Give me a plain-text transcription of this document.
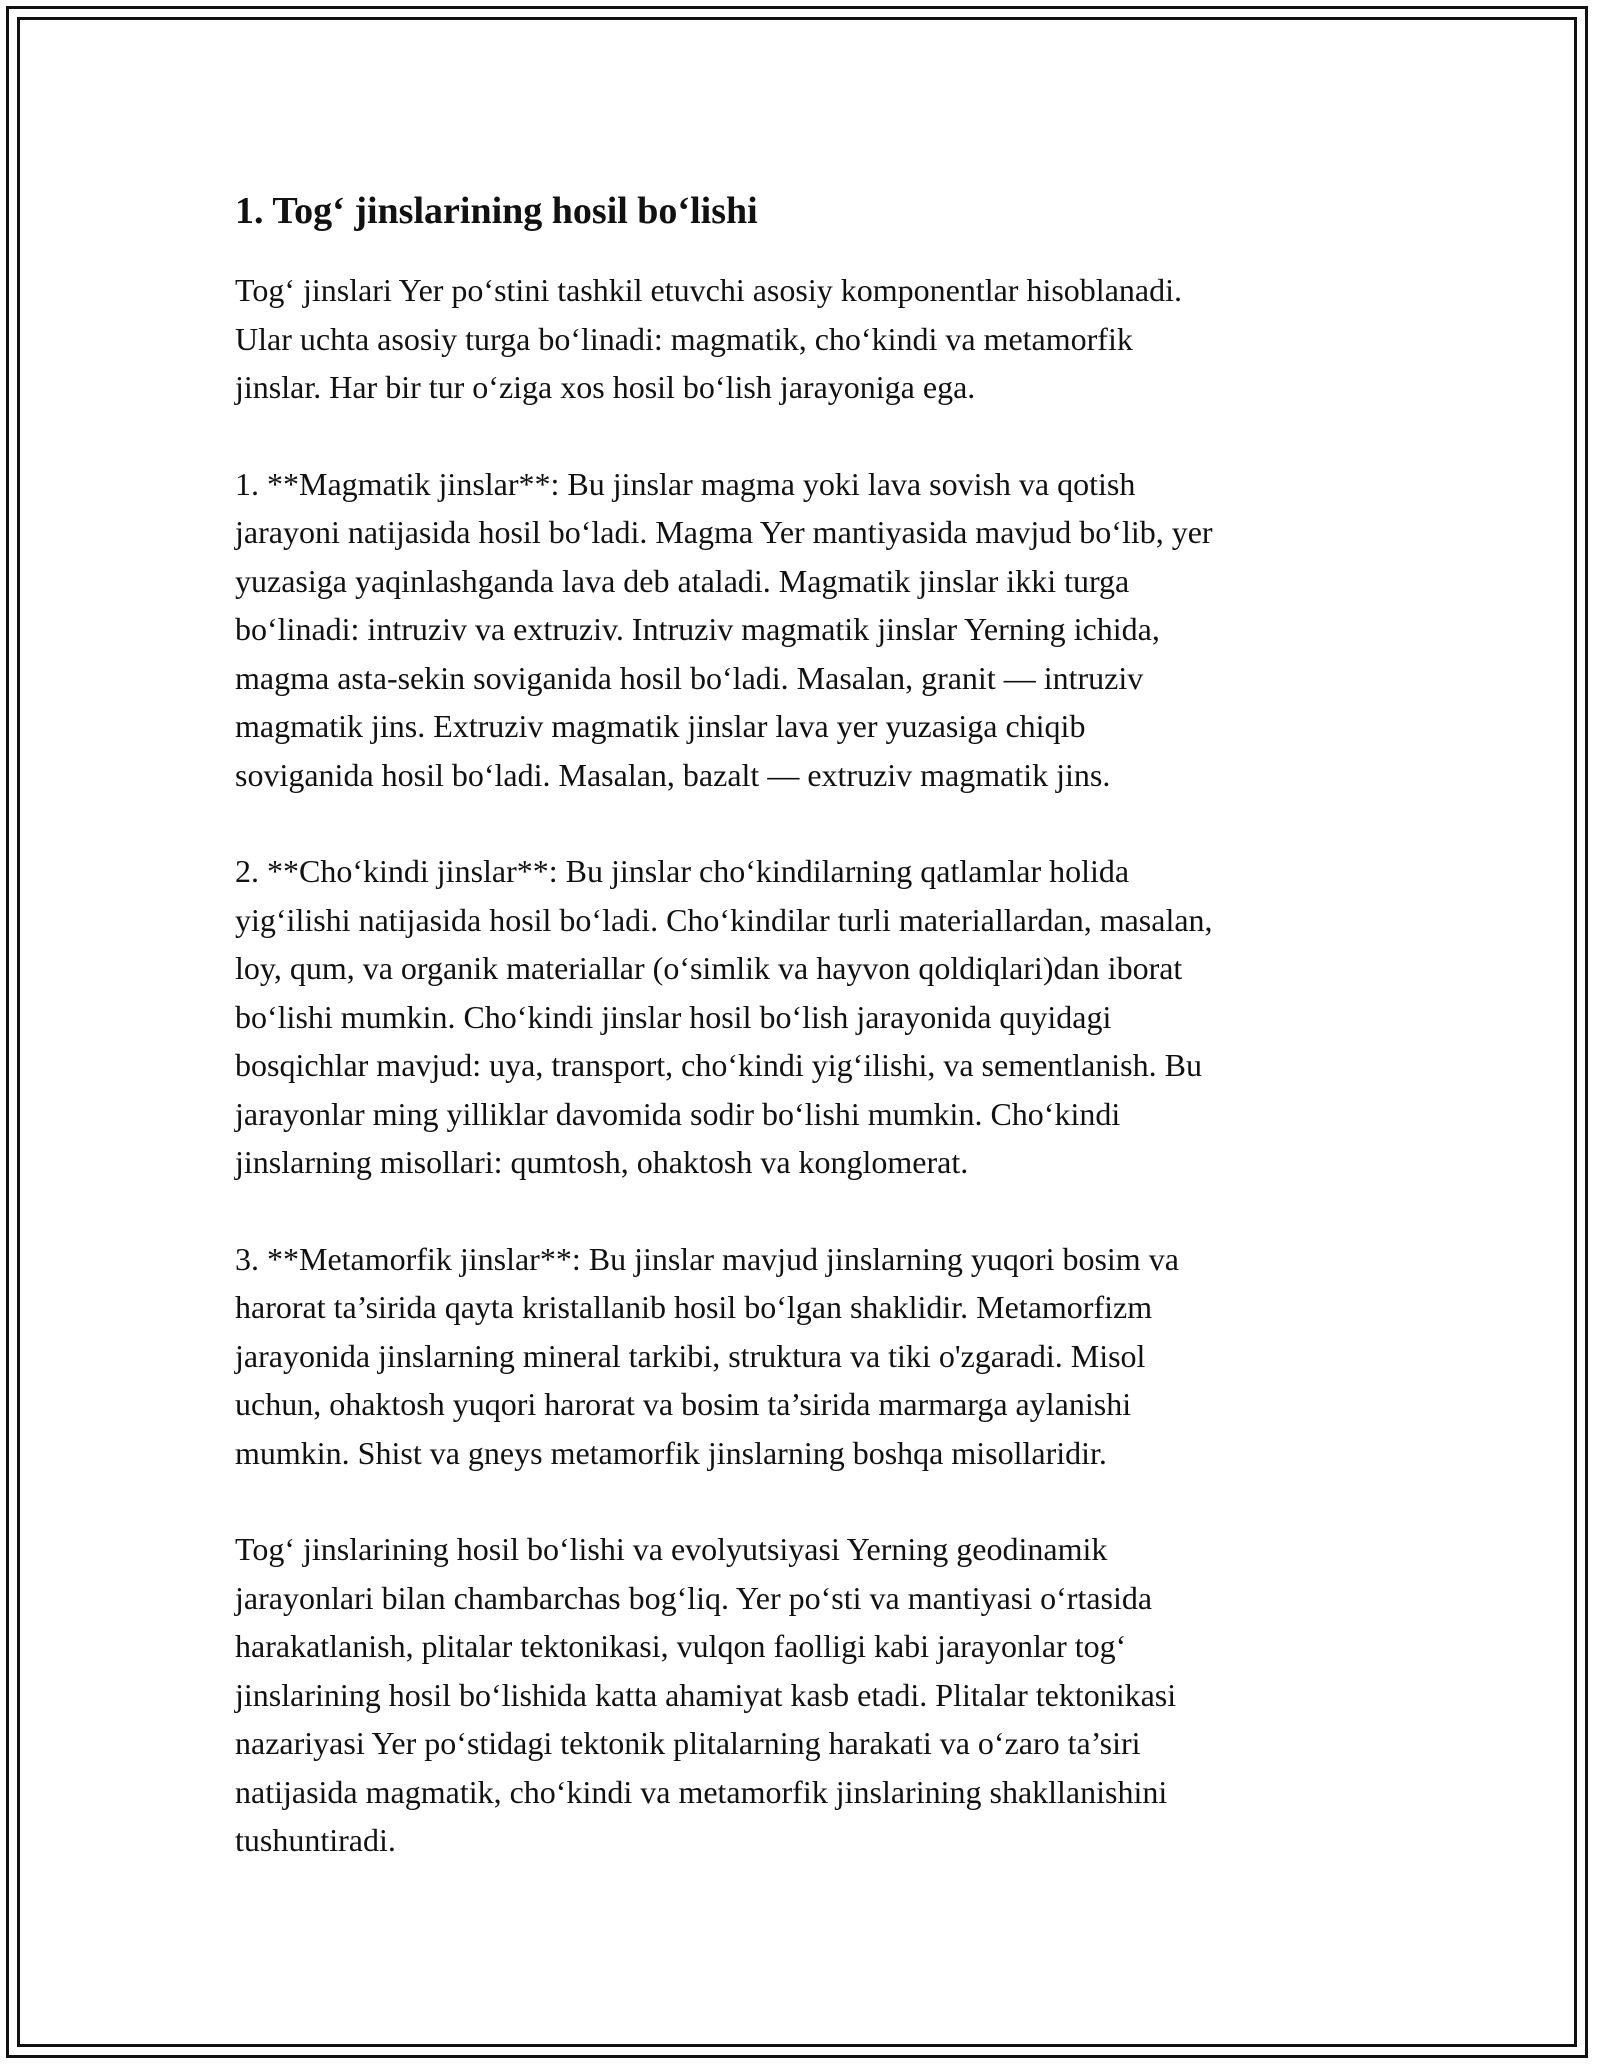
1. Tog‘ jinslarining hosil bo‘lishi

Tog‘ jinslari Yer po‘stini tashkil etuvchi asosiy komponentlar hisoblanadi.
Ular uchta asosiy turga bo‘linadi: magmatik, cho‘kindi va metamorfik
jinslar. Har bir tur o‘ziga xos hosil bo‘lish jarayoniga ega.

1. **Magmatik jinslar**: Bu jinslar magma yoki lava sovish va qotish
jarayoni natijasida hosil bo‘ladi. Magma Yer mantiyasida mavjud bo‘lib, yer
yuzasiga yaqinlashganda lava deb ataladi. Magmatik jinslar ikki turga
bo‘linadi: intruziv va extruziv. Intruziv magmatik jinslar Yerning ichida,
magma asta-sekin soviganida hosil bo‘ladi. Masalan, granit — intruziv
magmatik jins. Extruziv magmatik jinslar lava yer yuzasiga chiqib
soviganida hosil bo‘ladi. Masalan, bazalt — extruziv magmatik jins.

2. **Cho‘kindi jinslar**: Bu jinslar cho‘kindilarning qatlamlar holida
yig‘ilishi natijasida hosil bo‘ladi. Cho‘kindilar turli materiallardan, masalan,
loy, qum, va organik materiallar (o‘simlik va hayvon qoldiqlari)dan iborat
bo‘lishi mumkin. Cho‘kindi jinslar hosil bo‘lish jarayonida quyidagi
bosqichlar mavjud: uya, transport, cho‘kindi yig‘ilishi, va sementlanish. Bu
jarayonlar ming yilliklar davomida sodir bo‘lishi mumkin. Cho‘kindi
jinslarning misollari: qumtosh, ohaktosh va konglomerat.

3. **Metamorfik jinslar**: Bu jinslar mavjud jinslarning yuqori bosim va
harorat ta’sirida qayta kristallanib hosil bo‘lgan shaklidir. Metamorfizm
jarayonida jinslarning mineral tarkibi, struktura va tiki o'zgaradi. Misol
uchun, ohaktosh yuqori harorat va bosim ta’sirida marmarga aylanishi
mumkin. Shist va gneys metamorfik jinslarning boshqa misollaridir.

Tog‘ jinslarining hosil bo‘lishi va evolyutsiyasi Yerning geodinamik
jarayonlari bilan chambarchas bog‘liq. Yer po‘sti va mantiyasi o‘rtasida
harakatlanish, plitalar tektonikasi, vulqon faolligi kabi jarayonlar tog‘
jinslarining hosil bo‘lishida katta ahamiyat kasb etadi. Plitalar tektonikasi
nazariyasi Yer po‘stidagi tektonik plitalarning harakati va o‘zaro ta’siri
natijasida magmatik, cho‘kindi va metamorfik jinslarining shakllanishini
tushuntiradi.
